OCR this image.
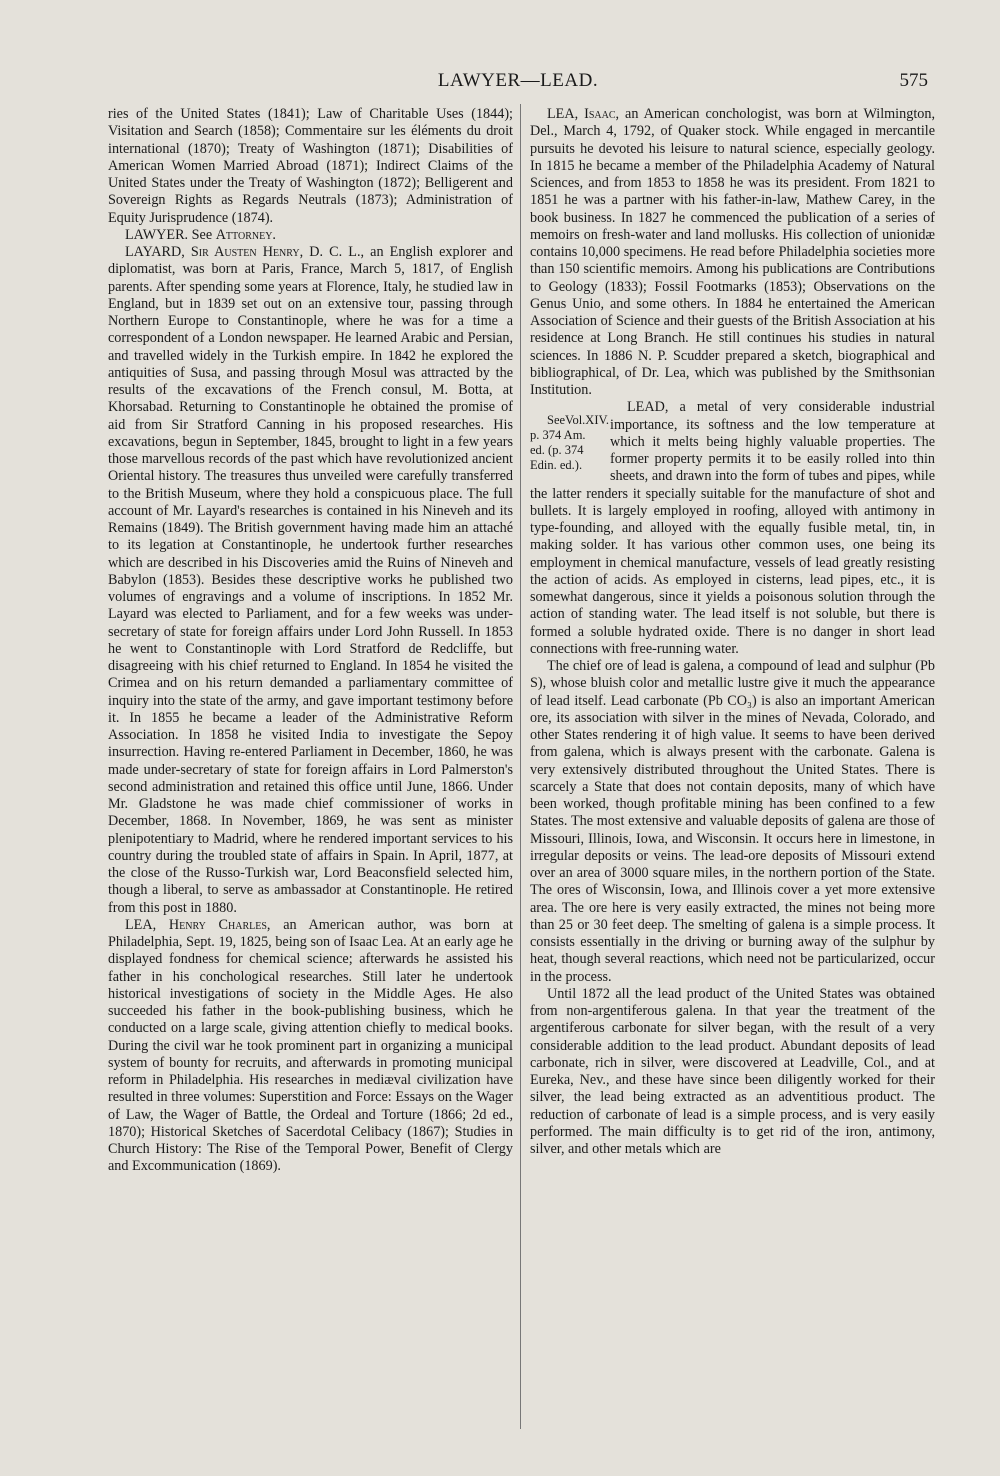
LAWYER—LEAD.	575

ries of the United States (1841); Law of Charitable Uses (1844); Visitation and Search (1858); Commentaire sur les éléments du droit international (1870); Treaty of Washington (1871); Disabilities of American Women Married Abroad (1871); Indirect Claims of the United States under the Treaty of Washington (1872); Belligerent and Sovereign Rights as Regards Neutrals (1873); Administration of Equity Jurisprudence (1874).

LAWYER. See Attorney.

LAYARD, Sir Austen Henry, D. C. L., an English explorer and diplomatist, was born at Paris, France, March 5, 1817, of English parents. After spending some years at Florence, Italy, he studied law in England, but in 1839 set out on an extensive tour, passing through Northern Europe to Constantinople, where he was for a time a correspondent of a London newspaper. He learned Arabic and Persian, and travelled widely in the Turkish empire. In 1842 he explored the antiquities of Susa, and passing through Mosul was attracted by the results of the excavations of the French consul, M. Botta, at Khorsabad. Returning to Constantinople he obtained the promise of aid from Sir Stratford Canning in his proposed researches. His excavations, begun in September, 1845, brought to light in a few years those marvellous records of the past which have revolutionized ancient Oriental history. The treasures thus unveiled were carefully transferred to the British Museum, where they hold a conspicuous place. The full account of Mr. Layard's researches is contained in his Nineveh and its Remains (1849). The British government having made him an attaché to its legation at Constantinople, he undertook further researches which are described in his Discoveries amid the Ruins of Nineveh and Babylon (1853). Besides these descriptive works he published two volumes of engravings and a volume of inscriptions. In 1852 Mr. Layard was elected to Parliament, and for a few weeks was under-secretary of state for foreign affairs under Lord John Russell. In 1853 he went to Constantinople with Lord Stratford de Redcliffe, but disagreeing with his chief returned to England. In 1854 he visited the Crimea and on his return demanded a parliamentary committee of inquiry into the state of the army, and gave important testimony before it. In 1855 he became a leader of the Administrative Reform Association. In 1858 he visited India to investigate the Sepoy insurrection. Having re-entered Parliament in December, 1860, he was made under-secretary of state for foreign affairs in Lord Palmerston's second administration and retained this office until June, 1866. Under Mr. Gladstone he was made chief commissioner of works in December, 1868. In November, 1869, he was sent as minister plenipotentiary to Madrid, where he rendered important services to his country during the troubled state of affairs in Spain. In April, 1877, at the close of the Russo-Turkish war, Lord Beaconsfield selected him, though a liberal, to serve as ambassador at Constantinople. He retired from this post in 1880.

LEA, Henry Charles, an American author, was born at Philadelphia, Sept. 19, 1825, being son of Isaac Lea. At an early age he displayed fondness for chemical science; afterwards he assisted his father in his conchological researches. Still later he undertook historical investigations of society in the Middle Ages. He also succeeded his father in the book-publishing business, which he conducted on a large scale, giving attention chiefly to medical books. During the civil war he took prominent part in organizing a municipal system of bounty for recruits, and afterwards in promoting municipal reform in Philadelphia. His researches in mediæval civilization have resulted in three volumes: Superstition and Force: Essays on the Wager of Law, the Wager of Battle, the Ordeal and Torture (1866; 2d ed., 1870); Historical Sketches of Sacerdotal Celibacy (1867); Studies in Church History: The Rise of the Temporal Power, Benefit of Clergy and Excommunication (1869).

LEA, Isaac, an American conchologist, was born at Wilmington, Del., March 4, 1792, of Quaker stock. While engaged in mercantile pursuits he devoted his leisure to natural science, especially geology. In 1815 he became a member of the Philadelphia Academy of Natural Sciences, and from 1853 to 1858 he was its president. From 1821 to 1851 he was a partner with his father-in-law, Mathew Carey, in the book business. In 1827 he commenced the publication of a series of memoirs on fresh-water and land mollusks. His collection of unionidæ contains 10,000 specimens. He read before Philadelphia societies more than 150 scientific memoirs. Among his publications are Contributions to Geology (1833); Fossil Footmarks (1853); Observations on the Genus Unio, and some others. In 1884 he entertained the American Association of Science and their guests of the British Association at his residence at Long Branch. He still continues his studies in natural sciences. In 1886 N. P. Scudder prepared a sketch, biographical and bibliographical, of Dr. Lea, which was published by the Smithsonian Institution.

LEAD,
SeeVol.XIV. p. 374 Am. ed. (p. 374 Edin. ed.).
a metal of very considerable industrial importance, its softness and the low temperature at which it melts being highly valuable properties. The former property permits it to be easily rolled into thin sheets, and drawn into the form of tubes and pipes, while the latter renders it specially suitable for the manufacture of shot and bullets. It is largely employed in roofing, alloyed with antimony in type-founding, and alloyed with the equally fusible metal, tin, in making solder. It has various other common uses, one being its employment in chemical manufacture, vessels of lead greatly resisting the action of acids. As employed in cisterns, lead pipes, etc., it is somewhat dangerous, since it yields a poisonous solution through the action of standing water. The lead itself is not soluble, but there is formed a soluble hydrated oxide. There is no danger in short lead connections with free-running water.

The chief ore of lead is galena, a compound of lead and sulphur (Pb S), whose bluish color and metallic lustre give it much the appearance of lead itself. Lead carbonate (Pb CO₃) is also an important American ore, its association with silver in the mines of Nevada, Colorado, and other States rendering it of high value. It seems to have been derived from galena, which is always present with the carbonate. Galena is very extensively distributed throughout the United States. There is scarcely a State that does not contain deposits, many of which have been worked, though profitable mining has been confined to a few States. The most extensive and valuable deposits of galena are those of Missouri, Illinois, Iowa, and Wisconsin. It occurs here in limestone, in irregular deposits or veins. The lead-ore deposits of Missouri extend over an area of 3000 square miles, in the northern portion of the State. The ores of Wisconsin, Iowa, and Illinois cover a yet more extensive area. The ore here is very easily extracted, the mines not being more than 25 or 30 feet deep. The smelting of galena is a simple process. It consists essentially in the driving or burning away of the sulphur by heat, though several reactions, which need not be particularized, occur in the process.

Until 1872 all the lead product of the United States was obtained from non-argentiferous galena. In that year the treatment of the argentiferous carbonate for silver began, with the result of a very considerable addition to the lead product. Abundant deposits of lead carbonate, rich in silver, were discovered at Leadville, Col., and at Eureka, Nev., and these have since been diligently worked for their silver, the lead being extracted as an adventitious product. The reduction of carbonate of lead is a simple process, and is very easily performed. The main difficulty is to get rid of the iron, antimony, silver, and other metals which are
